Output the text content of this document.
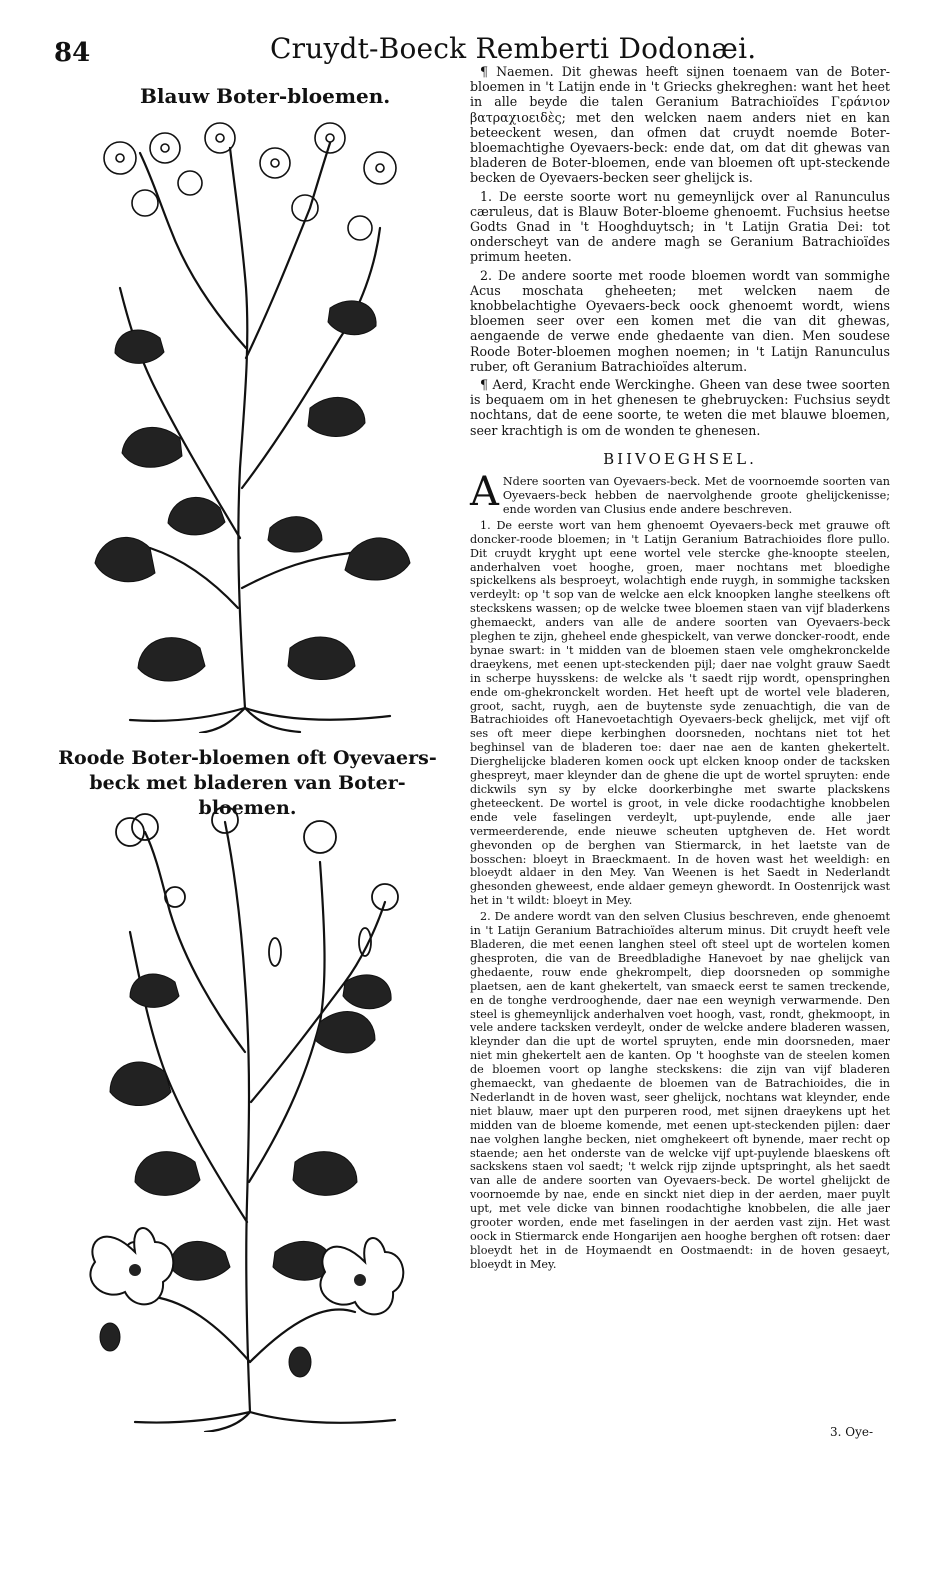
84	Cruydt-Boeck Remberti Dodonæi.
Blauw Boter-bloemen.
Roode Boter-bloemen oft Oyevaers-beck met bladeren van Boter-bloemen.

¶ Naemen. Dit ghewas heeft sijnen toenaem van de Boter-bloemen in 't Latijn ende in 't Griecks ghekreghen: want het heet in alle beyde die talen Geranium Batrachioïdes Γεράνιον βατραχιοειδὲς; met den welcken naem anders niet en kan beteeckent wesen, dan ofmen dat cruydt noemde Boter-bloemachtighe Oyevaers-beck: ende dat, om dat dit ghewas van bladeren de Boter-bloemen, ende van bloemen oft upt-steckende becken de Oyevaers-becken seer ghelijck is.

1. De eerste soorte wort nu gemeynlijck over al Ranunculus cæruleus, dat is Blauw Boter-bloeme ghenoemt. Fuchsius heetse Godts Gnad in 't Hooghduytsch; in 't Latijn Gratia Dei: tot onderscheyt van de andere magh se Geranium Batrachioïdes primum heeten.

2. De andere soorte met roode bloemen wordt van sommighe Acus moschata gheheeten; met welcken naem de knobbelachtighe Oyevaers-beck oock ghenoemt wordt, wiens bloemen seer over een komen met die van dit ghewas, aengaende de verwe ende ghedaente van dien. Men soudese Roode Boter-bloemen moghen noemen; in 't Latijn Ranunculus ruber, oft Geranium Batrachioïdes alterum.

¶ Aerd, Kracht ende Werckinghe. Gheen van dese twee soorten is bequaem om in het ghenesen te ghebruycken: Fuchsius seydt nochtans, dat de eene soorte, te weten die met blauwe bloemen, seer krachtigh is om de wonden te ghenesen.

BIIVOEGHSEL.

A Ndere soorten van Oyevaers-beck. Met de voornoemde soorten van Oyevaers-beck hebben de naervolghende groote ghelijckenisse; ende worden van Clusius ende andere beschreven.

1. De eerste wort van hem ghenoemt Oyevaers-beck met grauwe oft doncker-roode bloemen; in 't Latijn Geranium Batrachioides flore pullo. Dit cruydt kryght upt eene wortel vele stercke ghe-knoopte steelen, anderhalven voet hooghe, groen, maer nochtans met bloedighe spickelkens als besproeyt, wolachtigh ende ruygh, in sommighe tacksken verdeylt: op 't sop van de welcke aen elck knoopken langhe steelkens oft steckskens wassen; op de welcke twee bloemen staen van vijf bladerkens ghemaeckt, anders van alle de andere soorten van Oyevaers-beck pleghen te zijn, gheheel ende ghespickelt, van verwe doncker-roodt, ende bynae swart: in 't midden van de bloemen staen vele omghekronckelde draeykens, met eenen upt-steckenden pijl; daer nae volght grauw Saedt in scherpe huysskens: de welcke als 't saedt rijp wordt, openspringhen ende om-ghekronckelt worden. Het heeft upt de wortel vele bladeren, groot, sacht, ruygh, aen de buytenste syde zenuachtigh, die van de Batrachioides oft Hanevoetachtigh Oyevaers-beck ghelijck, met vijf oft ses oft meer diepe kerbinghen doorsneden, nochtans niet tot het beghinsel van de bladeren toe: daer nae aen de kanten ghekertelt. Dierghelijcke bladeren komen oock upt elcken knoop onder de tacksken ghespreyt, maer kleynder dan de ghene die upt de wortel spruyten: ende dickwils syn sy by elcke doorkerbinghe met swarte plackskens gheteeckent. De wortel is groot, in vele dicke roodachtighe knobbelen ende vele faselingen verdeylt, upt-puylende, ende alle jaer vermeerderende, ende nieuwe scheuten uptgheven de. Het wordt ghevonden op de berghen van Stiermarck, in het laetste van de bosschen: bloeyt in Braeckmaent. In de hoven wast het weeldigh: en bloeydt aldaer in den Mey. Van Weenen is het Saedt in Nederlandt ghesonden gheweest, ende aldaer gemeyn ghewordt. In Oostenrijck wast het in 't wildt: bloeyt in Mey.

2. De andere wordt van den selven Clusius beschreven, ende ghenoemt in 't Latijn Geranium Batrachioïdes alterum minus. Dit cruydt heeft vele Bladeren, die met eenen langhen steel oft steel upt de wortelen komen ghesproten, die van de Breedbladighe Hanevoet by nae ghelijck van ghedaente, rouw ende ghekrompelt, diep doorsneden op sommighe plaetsen, aen de kant ghekertelt, van smaeck eerst te samen treckende, en de tonghe verdrooghende, daer nae een weynigh verwarmende. Den steel is ghemeynlijck anderhalven voet hoogh, vast, rondt, ghekmoopt, in vele andere tacksken verdeylt, onder de welcke andere bladeren wassen, kleynder dan die upt de wortel spruyten, ende min doorsneden, maer niet min ghekertelt aen de kanten. Op 't hooghste van de steelen komen de bloemen voort op langhe steckskens: die zijn van vijf bladeren ghemaeckt, van ghedaente de bloemen van de Batrachioides, die in Nederlandt in de hoven wast, seer ghelijck, nochtans wat kleynder, ende niet blauw, maer upt den purperen rood, met sijnen draeykens upt het midden van de bloeme komende, met eenen upt-steckenden pijlen: daer nae volghen langhe becken, niet omghekeert oft bynende, maer recht op staende; aen het onderste van de welcke vijf upt-puylende blaeskens oft sackskens staen vol saedt; 't welck rijp zijnde uptspringht, als het saedt van alle de andere soorten van Oyevaers-beck. De wortel ghelijckt de voornoemde by nae, ende en sinckt niet diep in der aerden, maer puylt upt, met vele dicke van binnen roodachtighe knobbelen, die alle jaer grooter worden, ende met faselingen in der aerden vast zijn. Het wast oock in Stiermarck ende Hongarijen aen hooghe berghen oft rotsen: daer bloeydt het in de Hoymaendt en Oostmaendt: in de hoven gesaeyt, bloeydt in Mey.

3. Oye-
